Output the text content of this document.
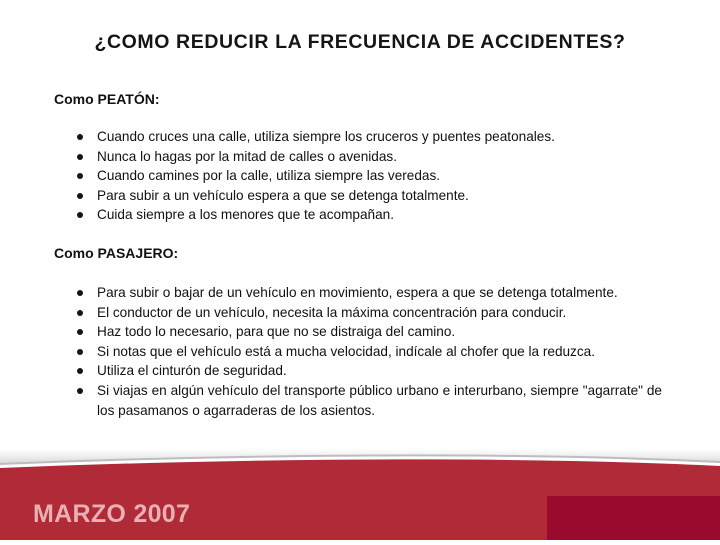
¿COMO REDUCIR LA FRECUENCIA DE ACCIDENTES?
Como PEATÓN:
Cuando cruces una calle, utiliza siempre los cruceros y puentes peatonales.
Nunca lo hagas por la mitad de calles o avenidas.
Cuando camines por la calle, utiliza siempre las veredas.
Para subir a un vehículo espera a que se detenga totalmente.
Cuida siempre a los menores que te acompañan.
Como PASAJERO:
Para subir o bajar de un vehículo en movimiento, espera a que se detenga totalmente.
El conductor de un vehículo, necesita la máxima concentración para conducir.
Haz todo lo necesario, para que no se distraiga del camino.
Si notas que el vehículo está a mucha velocidad, indícale al chofer que la reduzca.
Utiliza el cinturón de seguridad.
Si viajas en algún vehículo del transporte público urbano e interurbano, siempre "agarrate" de los pasamanos o agarraderas de los asientos.
MARZO 2007
